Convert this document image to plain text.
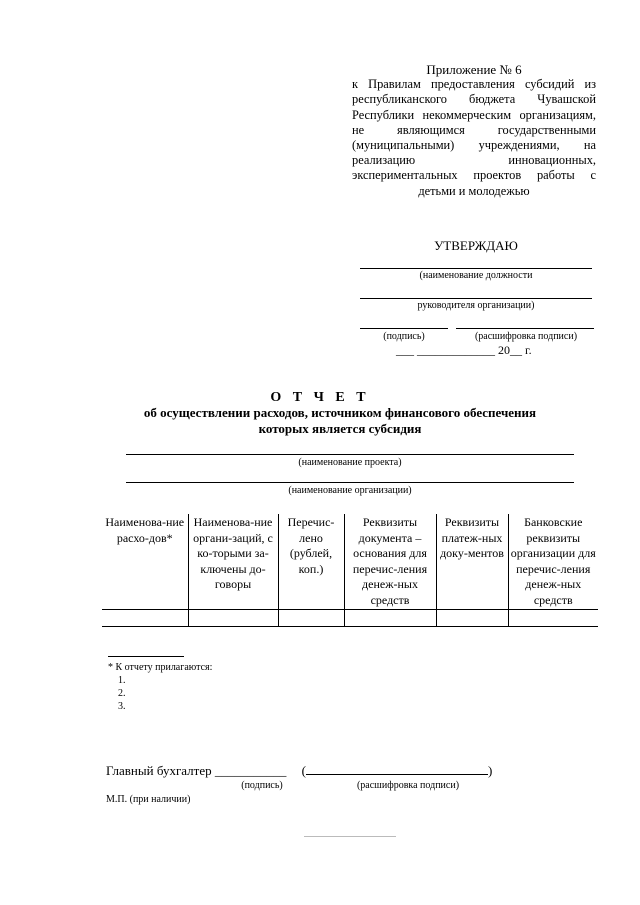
Приложение № 6
к Правилам предоставления субсидий из республиканского бюджета Чувашской Республики некоммерческим организациям, не являющимся государственными (муниципальными) учреждениями, на реализацию инновационных, экспериментальных проектов работы с детьми и молодежью
УТВЕРЖДАЮ
(наименование должности
руководителя организации)
(подпись)	(расшифровка подписи)
___ _____________ 20__ г.
О Т Ч Е Т
об осуществлении расходов, источником финансового обеспечения которых является субсидия
(наименование проекта)
(наименование организации)
Наименова-ние расхо-дов*	Наименова-ние органи-заций, с ко-торыми за-ключены до-говоры	Перечис-лено (рублей, коп.)	Реквизиты документа – основания для перечис-ления денеж-ных средств	Реквизиты платеж-ных доку-ментов	Банковские реквизиты организации для перечис-ления денеж-ных средств

* К отчету прилагаются:
1.
2.
3.
Главный бухгалтер ___________ (	)
(подпись)	(расшифровка подписи)
М.П. (при наличии)
